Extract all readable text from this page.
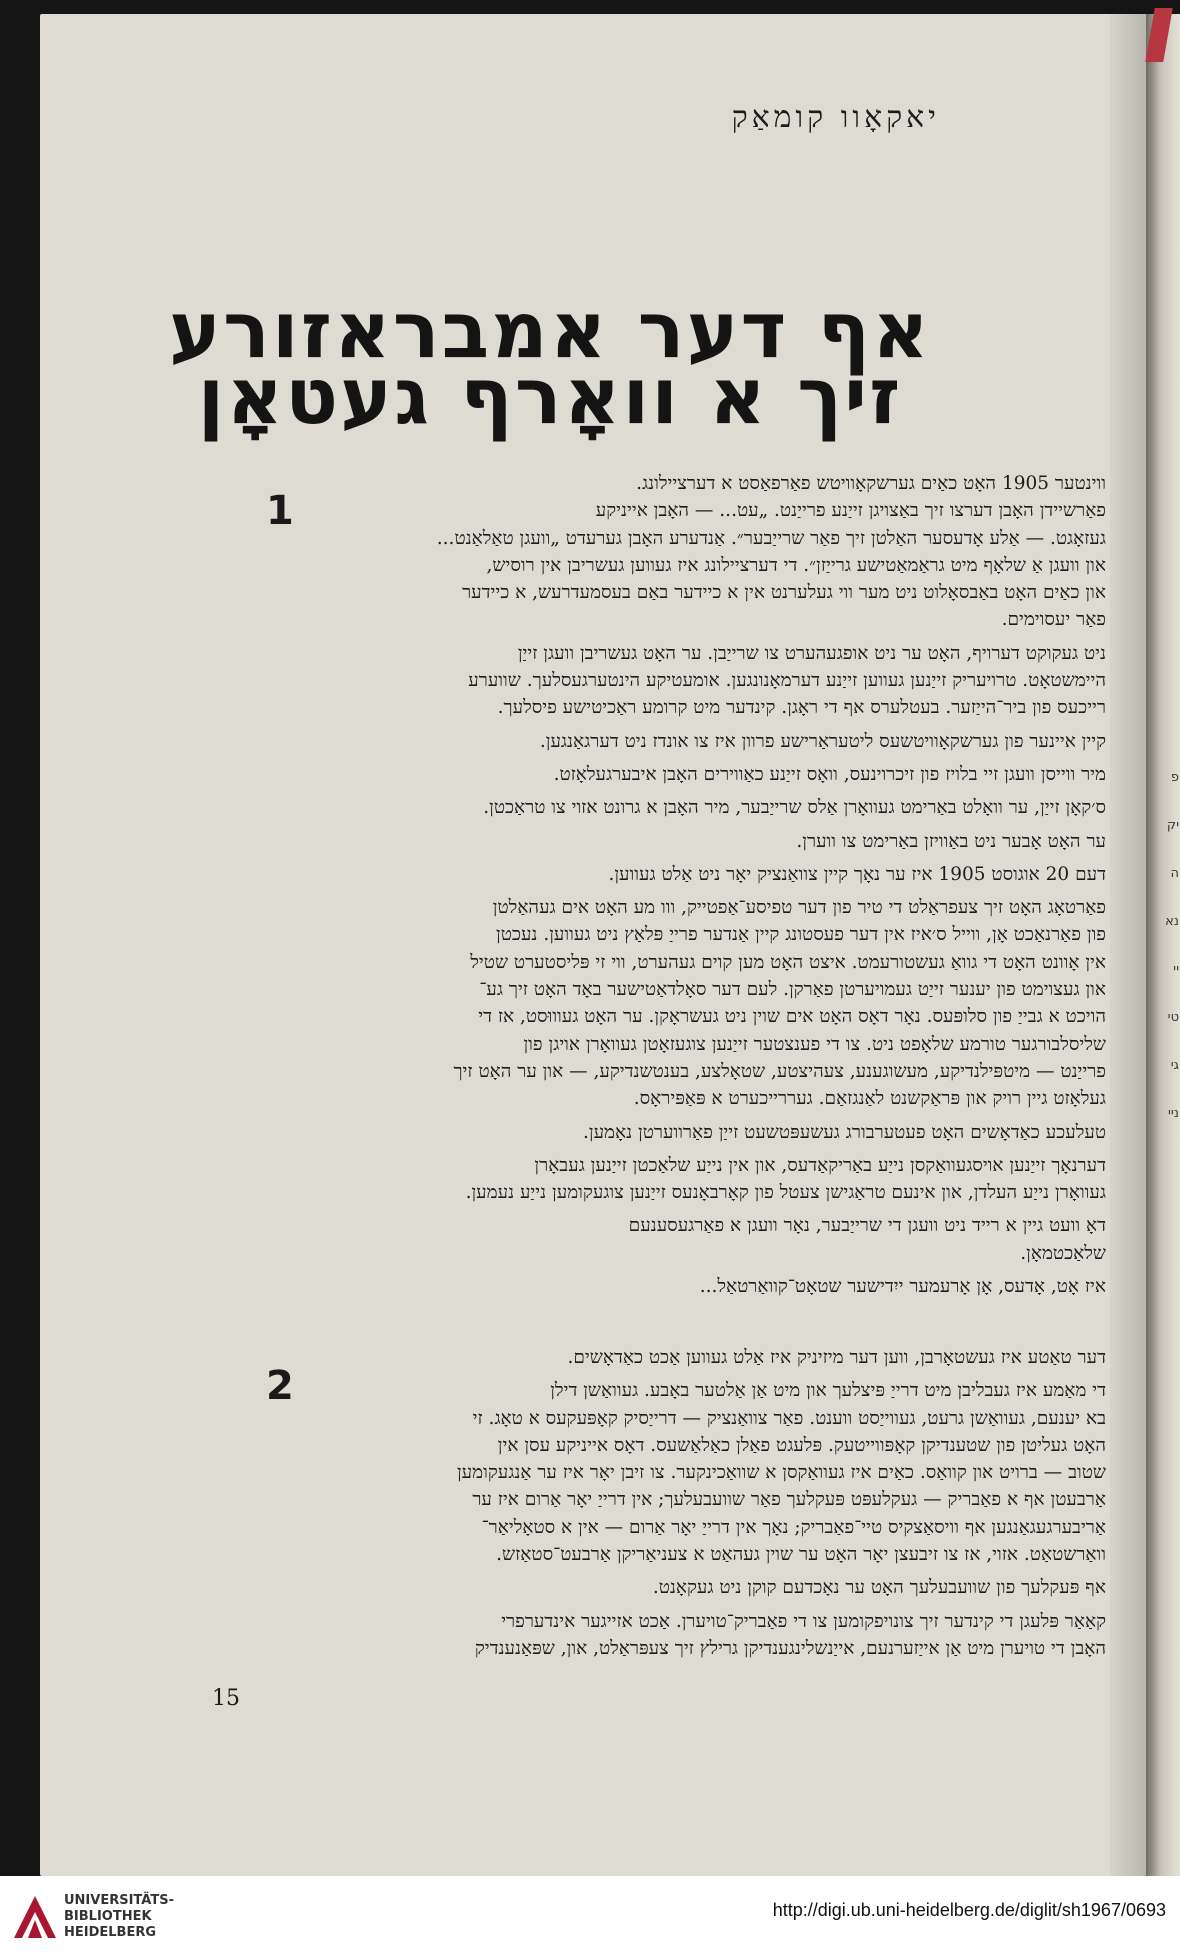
פ
יק
ה
נא
יי
טי
גי
ניי
יאקאָוו קומאַק
אף דער אמבראזורע
זיך א וואָרף געטאָן
1

ווינטער 1905 האָט כאַים גערשקאָוויטש פאַרפאַסט א דערציילונג.
פאַרשיידן האָבן דערצו זיך באַצויגן זייַנע פרייַנט. „עט... — האָבן אייניקע
געזאָגט. — אַלע אָדעסער האַלטן זיך פאַר שרייַבער״. אַנדערע האָבן גערעדט „וועגן טאַלאַנט...
און וועגן אַ שלאָף מיט גראַמאַטישע גרייַזן״. די דערציילונג איז געווען געשריבן אין רוסיש,
און כאַים האָט באַבסאָלוט ניט מער ווי געלערנט אין א כיידער באַם בעסמעדרעש, א כיידער
פאַר יעסוימים.

ניט געקוקט דערויף, האָט ער ניט אופגעהערט צו שרייַבן. ער האָט געשריבן וועגן זייַן
היימשטאָט. טרויעריק זייַנען געווען זייַנע דערמאָנונגען. אומעטיקע הינטערגעסלעך. שווערע
רייכעס פון ביר־הייַזער. בעטלערס אף די ראָגן. קינדער מיט קרומע ראַכיטישע פיסלעך.

קיין איינער פון גערשקאָוויטשעס ליטעראַרישע פרוון איז צו אונדז ניט דערגאַנגען.

מיר ווייסן וועגן זיי בלויז פון זיכרוינעס, וואָס זייַנע כאַווירים האָבן איבערגעלאָזט.

ס׳קאָן זייַן, ער וואָלט באַרימט געוואָרן אַלס שרייַבער, מיר האָבן א גרונט אזוי צו טראַכטן.

ער האָט אָבער ניט באַוויזן באַרימט צו ווערן.

דעם 20 אוגוסט 1905 איז ער נאָך קיין צוואַנציק יאָר ניט אַלט געווען.

פאַרטאָג האָט זיך צעפראַלט די טיר פון דער טפיסע־אַפטייק, ווו מע האָט אים געהאַלטן
פון פאַרנאַכט אָן, ווייל ס׳איז אין דער פעסטונג קיין אַנדער פרייַ פּלאַץ ניט געווען. נעכטן
אין אָוונט האָט די גוואַ געשטורעמט. איצט האָט מען קוים געהערט, ווי זי פּליסטערט שטיל
און געצוימט פון יענער זייַט געמויערטן פאַרקן. לעם דער סאָלדאַטישער באָד האָט זיך גע־
הויכט א גבייַ פון סלופּעס. נאָר דאָס האָט אים שוין ניט געשראָקן. ער האָט געוווּסט, אז די
שליסלבורגער טורמע שלאָפט ניט. צו די פענצטער זייַנען צוגעזאָטן געוואָרן אויגן פון
פרייַנט — מיטפּילנדיקע, מעשוגענע, צעהיצטע, שטאָלצע, בענטשנדיקע, — און ער האָט זיך
געלאָזט גיין רויק און פּראַקשנט לאַנגזאַם. געררייכערט א פּאַפּיראָס.

טעלעכע כאַדאָשים האָט פעטערבורג געשעפּטשעט זייַן פאַרווערטן נאָמען.

דערנאָך זייַנען אויסגעוואַקסן נייַע באַריקאַדעס, און אין נייַע שלאַכטן זייַנען געבאָרן
געוואָרן נייַע העלדן, און אינעם טראַגישן צעטל פון קאָרבאָנעס זייַנען צוגעקומען נייַע נעמען.

דאָ וועט גיין א רייד ניט וועגן די שרייַבער, נאָר וועגן א פאַרגעסענעם
שלאַכטמאָן.

איז אָט, אָדעס, אָן אָרעמער ייִדישער שטאָט־קוואַרטאַל...

2

דער טאַטע איז געשטאָרבן, ווען דער מיזיניק איז אַלט געווען אַכט כאַדאָשים.

די מאַמע איז געבליבן מיט דרייַ פּיצלעך און מיט אַן אַלטער באָבע. געוואַשן דילן
בא יענעם, געוואַשן גרעט, געווייַסט ווענט. פאַר צוואַנציק — דרייַסיק קאָפּעקעס א טאָג. זי
האָט געליטן פון שטענדיקן קאָפּווייטעק. פּלעגט פאַלן כאַלאַשעס. דאָס אייניקע עסן אין
שטוב — ברויט און קוואַס. כאַים איז געוואַקסן א שוואַכינקער. צו זיבן יאָר איז ער אַנגעקומען
אַרבעטן אף א פאַבריק — געקלעפּט פּעקלעך פאַר שוועבעלעך; אין דרייַ יאָר אַרום איז ער
אַריבערגעגאַנגען אף וויסאַצקיס טיי־פאַבריק; נאָך אין דרייַ יאָר אַרום — אין א סטאָליאַר־
וואַרשטאַט. אזוי, אז צו זיבעצן יאָר האָט ער שוין געהאַט א צעניאַריקן אַרבעט־סטאַזש.

אף פּעקלעך פון שוועבעלעך האָט ער נאָכדעם קוקן ניט געקאָנט.

קאַאַר פּלעגן די קינדער זיך צונויפקומען צו די פאַבריק־טויערן. אַכט אזייגער אינדערפרי
האָבן די טויערן מיט אַן אייַזערנעם, אייַנשלינגענדיקן גרילץ זיך צעפּראַלט, און, שפּאַנענדיק

15
UNIVERSITÄTS-
BIBLIOTHEK
HEIDELBERG
http://digi.ub.uni-heidelberg.de/diglit/sh1967/0693
